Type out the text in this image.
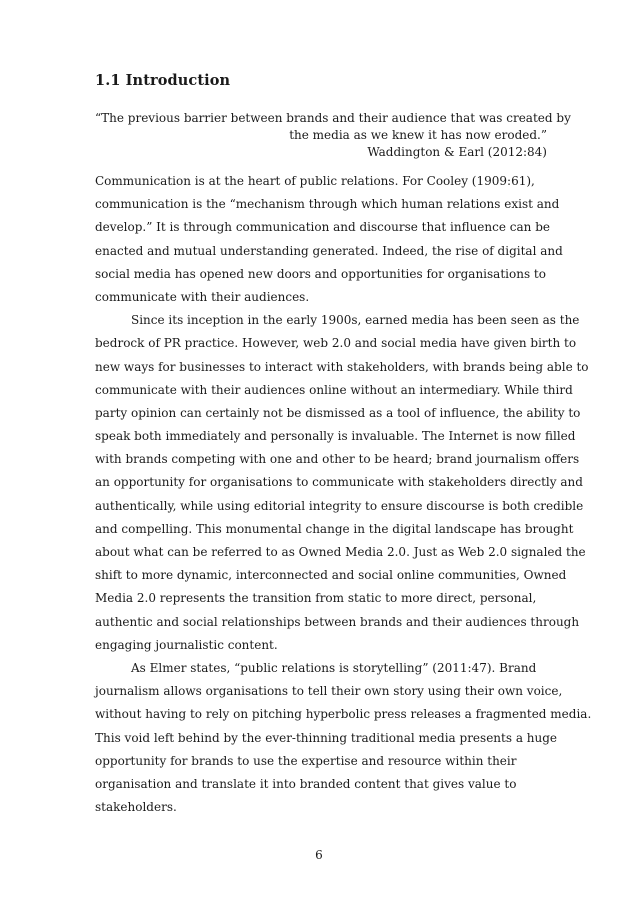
1.1 Introduction
“The previous barrier between brands and their audience that was created by
the media as we knew it has now eroded.”
Waddington & Earl (2012:84)
Communication is at the heart of public relations. For Cooley (1909:61),
communication is the “mechanism through which human relations exist and
develop.” It is through communication and discourse that influence can be
enacted and mutual understanding generated. Indeed, the rise of digital and
social media has opened new doors and opportunities for organisations to
communicate with their audiences.
Since its inception in the early 1900s, earned media has been seen as the
bedrock of PR practice. However, web 2.0 and social media have given birth to
new ways for businesses to interact with stakeholders, with brands being able to
communicate with their audiences online without an intermediary. While third
party opinion can certainly not be dismissed as a tool of influence, the ability to
speak both immediately and personally is invaluable. The Internet is now filled
with brands competing with one and other to be heard; brand journalism offers
an opportunity for organisations to communicate with stakeholders directly and
authentically, while using editorial integrity to ensure discourse is both credible
and compelling. This monumental change in the digital landscape has brought
about what can be referred to as Owned Media 2.0. Just as Web 2.0 signaled the
shift to more dynamic, interconnected and social online communities, Owned
Media 2.0 represents the transition from static to more direct, personal,
authentic and social relationships between brands and their audiences through
engaging journalistic content.
As Elmer states, “public relations is storytelling” (2011:47). Brand
journalism allows organisations to tell their own story using their own voice,
without having to rely on pitching hyperbolic press releases a fragmented media.
This void left behind by the ever-thinning traditional media presents a huge
opportunity for brands to use the expertise and resource within their
organisation and translate it into branded content that gives value to
stakeholders.
6
